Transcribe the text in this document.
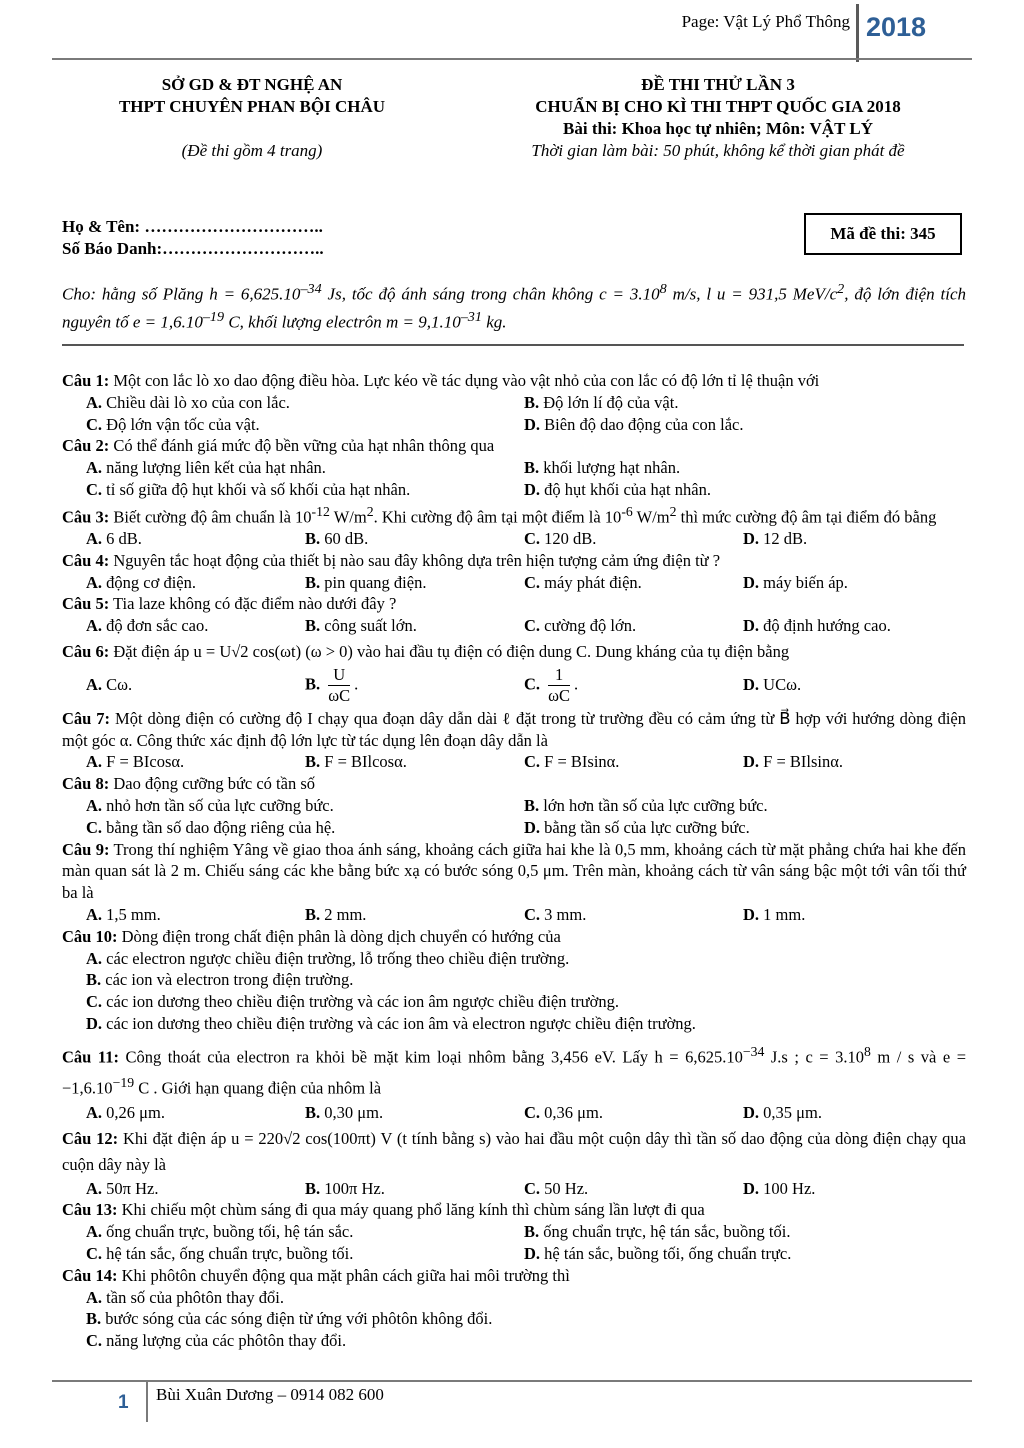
Page: Vật Lý Phổ Thông 2018
SỞ GD & ĐT NGHỆ AN
THPT CHUYÊN PHAN BỘI CHÂU
(Đề thi gồm 4 trang)
ĐỀ THI THỬ LẦN 3
CHUẨN BỊ CHO KÌ THI THPT QUỐC GIA 2018
Bài thi: Khoa học tự nhiên; Môn: VẬT LÝ
Thời gian làm bài: 50 phút, không kể thời gian phát đề
Họ & Tên: …………………………..
Số Báo Danh:………………………..
Mã đề thi: 345
Cho: hằng số Plăng $h = 6,625.10^{-34}$ Js, tốc độ ánh sáng trong chân không $c = 3.10^8$ m/s, l u = 931,5 MeV/$c^2$, độ lớn điện tích nguyên tố $e = 1,6.10^{-19}$ C, khối lượng electrôn $m = 9,1.10^{-31}$ kg.

Câu 1: Một con lắc lò xo dao động điều hòa. Lực kéo về tác dụng vào vật nhỏ của con lắc có độ lớn tỉ lệ thuận với

A. Chiều dài lò xo của con lắc.	B. Độ lớn lí độ của vật.
C. Độ lớn vận tốc của vật.	D. Biên độ dao động của con lắc.

Câu 2: Có thể đánh giá mức độ bền vững của hạt nhân thông qua

A. năng lượng liên kết của hạt nhân.	B. khối lượng hạt nhân.
C. tỉ số giữa độ hụt khối và số khối của hạt nhân.	D. độ hụt khối của hạt nhân.

Câu 3: Biết cường độ âm chuẩn là $10^{-12}$ $W/m^2$. Khi cường độ âm tại một điểm là $10^{-6}$ $W/m^2$ thì mức cường độ âm tại điểm đó bằng

A. 6 dB.	B. 60 dB.	C. 120 dB.	D. 12 dB.

Câu 4: Nguyên tắc hoạt động của thiết bị nào sau đây không dựa trên hiện tượng cảm ứng điện từ ?

A. động cơ điện.	B. pin quang điện.	C. máy phát điện.	D. máy biến áp.

Câu 5: Tia laze không có đặc điểm nào dưới đây ?

A. độ đơn sắc cao.	B. công suất lớn.	C. cường độ lớn.	D. độ định hướng cao.

Câu 6: Đặt điện áp u = U√2 cos(ωt) (ω > 0) vào hai đầu tụ điện có điện dung C. Dung kháng của tụ điện bằng

A. Cω.	B. $\frac{U}{\omega C}$ .	C. $\frac{1}{\omega C}$ .	D. UCω.

Câu 7: Một dòng điện có cường độ I chạy qua đoạn dây dẫn dài ℓ đặt trong từ trường đều có cảm ứng từ B⃗ hợp với hướng dòng điện một góc α. Công thức xác định độ lớn lực từ tác dụng lên đoạn dây dẫn là

A. F = BIcosα.	B. F = BIlcosα.	C. F = BIsinα.	D. F = BIlsinα.

Câu 8: Dao động cưỡng bức có tần số

A. nhỏ hơn tần số của lực cưỡng bức.	B. lớn hơn tần số của lực cưỡng bức.
C. bằng tần số dao động riêng của hệ.	D. bằng tần số của lực cưỡng bức.

Câu 9: Trong thí nghiệm Yâng về giao thoa ánh sáng, khoảng cách giữa hai khe là 0,5 mm, khoảng cách từ mặt phẳng chứa hai khe đến màn quan sát là 2 m. Chiếu sáng các khe bằng bức xạ có bước sóng 0,5 μm. Trên màn, khoảng cách từ vân sáng bậc một tới vân tối thứ ba là

A. 1,5 mm.	B. 2 mm.	C. 3 mm.	D. 1 mm.

Câu 10: Dòng điện trong chất điện phân là dòng dịch chuyển có hướng của

A. các electron ngược chiều điện trường, lỗ trống theo chiều điện trường.
B. các ion và electron trong điện trường.
C. các ion dương theo chiều điện trường và các ion âm ngược chiều điện trường.
D. các ion dương theo chiều điện trường và các ion âm và electron ngược chiều điện trường.

Câu 11: Công thoát của electron ra khỏi bề mặt kim loại nhôm bằng 3,456 eV. Lấy $h = 6,625.10^{-34}$ J.s ; $c = 3.10^8$ m / s và $e = -1,6.10^{-19}$ C . Giới hạn quang điện của nhôm là

A. 0,26 μm.	B. 0,30 μm.	C. 0,36 μm.	D. 0,35 μm.

Câu 12: Khi đặt điện áp u = 220√2 cos(100πt) V (t tính bằng s) vào hai đầu một cuộn dây thì tần số dao động của dòng điện chạy qua cuộn dây này là

A. 50π Hz.	B. 100π Hz.	C. 50 Hz.	D. 100 Hz.

Câu 13: Khi chiếu một chùm sáng đi qua máy quang phổ lăng kính thì chùm sáng lần lượt đi qua

A. ống chuẩn trực, buồng tối, hệ tán sắc.	B. ống chuẩn trực, hệ tán sắc, buồng tối.
C. hệ tán sắc, ống chuẩn trực, buồng tối.	D. hệ tán sắc, buồng tối, ống chuẩn trực.

Câu 14: Khi phôtôn chuyển động qua mặt phân cách giữa hai môi trường thì

A. tần số của phôtôn thay đổi.
B. bước sóng của các sóng điện từ ứng với phôtôn không đổi.
C. năng lượng của các phôtôn thay đổi.
1 Bùi Xuân Dương – 0914 082 600
